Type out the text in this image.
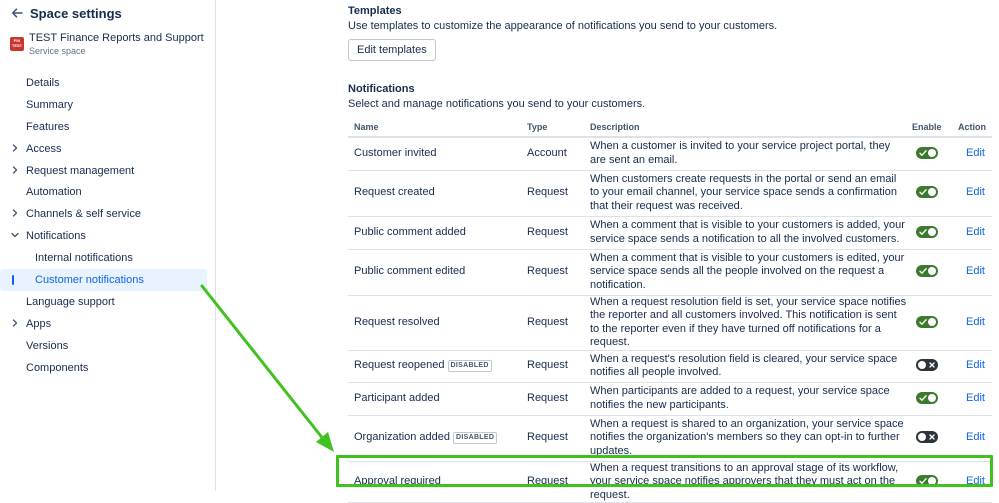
Space settings
FIN TEST
TEST Finance Reports and Support
Service space
Details
Summary
Features
Access
Request management
Automation
Channels & self service
Notifications
Internal notifications
Customer notifications
Language support
Apps
Versions
Components
Templates
Use templates to customize the appearance of notifications you send to your customers.
Edit templates
Notifications
Select and manage notifications you send to your customers.
Name	Type	Description	Enable	Action
Customer invited	Account	When a customer is invited to your service project portal, they are sent an email.		Edit
Request created	Request	When customers create requests in the portal or send an email to your email channel, your service space sends a confirmation that their request was received.		Edit
Public comment added	Request	When a comment that is visible to your customers is added, your service space sends a notification to all the involved customers.		Edit
Public comment edited	Request	When a comment that is visible to your customers is edited, your service space sends all the people involved on the request a notification.		Edit
Request resolved	Request	When a request resolution field is set, your service space notifies the reporter and all customers involved. This notification is sent to the reporter even if they have turned off notifications for a request.		Edit
Request reopened DISABLED	Request	When a request's resolution field is cleared, your service space notifies all people involved.		Edit
Participant added	Request	When participants are added to a request, your service space notifies the new participants.		Edit
Organization added DISABLED	Request	When a request is shared to an organization, your service space notifies the organization's members so they can opt-in to further updates.		Edit
Approval required	Request	When a request transitions to an approval stage of its workflow, your service space notifies approvers that they must act on the request.		Edit
